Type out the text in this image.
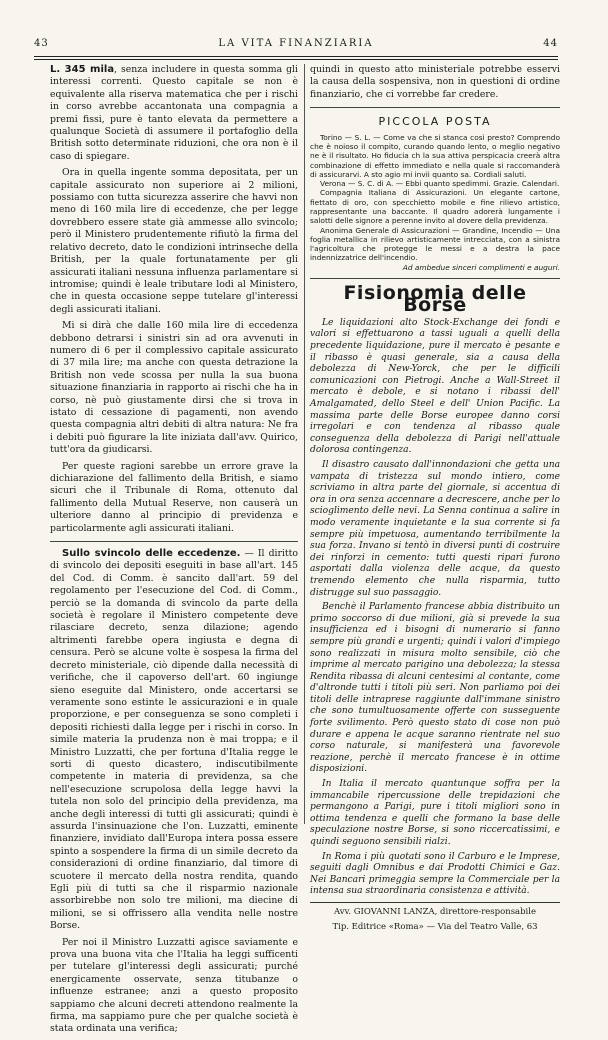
43	LA VITA FINANZIARIA	44

L. 345 mila, senza includere in questa somma gli interessi correnti. Questo capitale se non è equivalente alla riserva matematica che per i rischi in corso avrebbe accantonata una compagnia a premi fissi, pure è tanto elevata da permettere a qualunque Società di assumere il portafoglio della British sotto determinate riduzioni, che ora non è il caso di spiegare.

Ora in quella ingente somma depositata, per un capitale assicurato non superiore ai 2 milioni, possiamo con tutta sicurezza asserire che havvi non meno di 160 mila lire di eccedenze, che per legge dovrebbero essere state già ammesse allo svincolo; però il Ministero prudentemente rifiutò la firma del relativo decreto, dato le condizioni intrinseche della British, per la quale fortunatamente per gli assicurati italiani nessuna influenza parlamentare si intromise; quindi è leale tributare lodi al Ministero, che in questa occasione seppe tutelare gl'interessi degli assicurati italiani.

Mi si dirà che dalle 160 mila lire di eccedenza debbono detrarsi i sinistri sin ad ora avvenuti in numero di 6 per il complessivo capitale assicurato di 37 mila lire; ma anche con questa detrazione la British non vede scossa per nulla la sua buona situazione finanziaria in rapporto ai rischi che ha in corso, nè può giustamente dirsi che si trova in istato di cessazione di pagamenti, non avendo questa compagnia altri debiti di altra natura: Ne fra i debiti può figurare la lite iniziata dall'avv. Quirico, tutt'ora da giudicarsi.

Per queste ragioni sarebbe un errore grave la dichiarazione del fallimento della British, e siamo sicuri che il Tribunale di Roma, ottenuto dal fallimento della Mutual Reserve, non causerà un ulteriore danno al principio di previdenza e particolarmente agli assicurati italiani.

Sullo svincolo delle eccedenze. — Il diritto di svincolo dei depositi eseguiti in base all'art. 145 del Cod. di Comm. è sancito dall'art. 59 del regolamento per l'esecuzione del Cod. di Comm., perciò se la domanda di svincolo da parte della società è regolare il Ministero competente deve rilasciare decreto, senza dilazione; agendo altrimenti farebbe opera ingiusta e degna di censura. Però se alcune volte è sospesa la firma del decreto ministeriale, ciò dipende dalla necessità di verifiche, che il capoverso dell'art. 60 ingiunge sieno eseguite dal Ministero, onde accertarsi se veramente sono estinte le assicurazioni e in quale proporzione, e per conseguenza se sono completi i depositi richiesti dalla legge per i rischi in corso. In simile materia la prudenza non è mai troppa; e il Ministro Luzzatti, che per fortuna d'Italia regge le sorti di questo dicastero, indiscutibilmente competente in materia di previdenza, sa che nell'esecuzione scrupolosa della legge havvi la tutela non solo del principio della previdenza, ma anche degli interessi di tutti gli assicurati; quindi è assurda l'insinuazione che l'on. Luzzatti, eminente finanziere, invidiato dall'Europa intera possa essere spinto a sospendere la firma di un simile decreto da considerazioni di ordine finanziario, dal timore di scuotere il mercato della nostra rendita, quando Egli più di tutti sa che il risparmio nazionale assorbirebbe non solo tre milioni, ma diecine di milioni, se si offrissero alla vendita nelle nostre Borse.

Per noi il Ministro Luzzatti agisce saviamente e prova una buona vita che l'Italia ha leggi sufficenti per tutelare gl'interessi degli assicurati; purché energicamente osservate, senza titubanze o influenze estranee; anzi a questo proposito sappiamo che alcuni decreti attendono realmente la firma, ma sappiamo pure che per qualche società è stata ordinata una verifica;

quindi in questo atto ministeriale potrebbe esservi la causa della sospensiva, non in questioni di ordine finanziario, che ci vorrebbe far credere.

PICCOLA POSTA

Torino — S. L. — Come va che si stanca così presto? Comprendo che è noioso il compito, curando quando lento, o meglio negativo ne è il risultato. Ho fiducia ch la sua attiva perspicacia creerà altra combinazione di effetto immediato e nella quale si raccomanderà di assicurarvi. A sto agio mi invii quanto sa. Cordiali saluti.

Verona — S. C. di A. — Ebbi quanto spedimmi. Grazie. Calendari.

Compagnia Italiana di Assicurazioni. Un elegante cartone, fiettato di oro, con specchietto mobile e fine rilievo artistico, rappresentante una baccante. Il quadro adorerà lungamente i salotti delle signore a perenne invito al dovere della previdenza.

Anonima Generale di Assicurazioni — Grandine, Incendio — Una foglia metallica in rilievo artisticamente intrecciata, con a sinistra l'agricoltura che protegge le messi e a destra la pace indennizzatrice dell'incendio.

Ad ambedue sinceri complimenti e auguri.
Fisionomia delle Borse

Le liquidazioni alto Stock-Exchange dei fondi e valori si effettuarono a tassi uguali a quelli della precedente liquidazione, pure il mercato è pesante e il ribasso è quasi generale, sia a causa della debolezza di New-Yorck, che per le difficili comunicazioni con Pietrogi. Anche a Wall-Street il mercato è debole, e si notano i ribassi dell' Amalgamated, dello Steel e dell' Union Pacific. La massima parte delle Borse europee danno corsi irregolari e con tendenza al ribasso quale conseguenza della debolezza di Parigi nell'attuale dolorosa contingenza.

Il disastro causato dall'innondazioni che getta una vampata di tristezza sul mondo intiero, come scriviamo in altra parte del giornale, si accentua di ora in ora senza accennare a decrescere, anche per lo scioglimento delle nevi. La Senna continua a salire in modo veramente inquietante e la sua corrente si fa sempre più impetuosa, aumentando terribilmente la sua forza. Invano si tentò in diversi punti di costruire dei rinforzi in cemento: tutti questi ripari furono asportati dalla violenza delle acque, da questo tremendo elemento che nulla risparmia, tutto distrugge sul suo passaggio.

Benchè il Parlamento francese abbia distribuito un primo soccorso di due milioni, già si prevede la sua insufficienza ed i bisogni di numerario si fanno sempre più grandi e urgenti; quindi i valori d'impiego sono realizzati in misura molto sensibile, ciò che imprime al mercato parigino una debolezza; la stessa Rendita ribassa di alcuni centesimi al contante, come d'altronde tutti i titoli più seri. Non parliamo poi dei titoli delle intraprese raggiunte dall'immane sinistro che sono tumultuosamente offerte con susseguente forte svilimento. Però questo stato di cose non può durare e appena le acque saranno rientrate nel suo corso naturale, si manifesterà una favorevole reazione, perchè il mercato francese è in ottime disposizioni.

In Italia il mercato quantunque soffra per la immancabile ripercussione delle trepidazioni che permangono a Parigi, pure i titoli migliori sono in ottima tendenza e quelli che formano la base delle speculazione nostre Borse, si sono riccercatissimi, e quindi seguono sensibili rialzi.

In Roma i più quotati sono il Carburo e le Imprese, seguiti dagli Omnibus e dai Prodotti Chimici e Gaz. Nei Bancari primeggia sempre la Commerciale per la intensa sua straordinaria consistenza e attività.

Avv. GIOVANNI LANZA, direttore-responsabile
Tip. Editrice «Roma» — Via del Teatro Valle, 63
